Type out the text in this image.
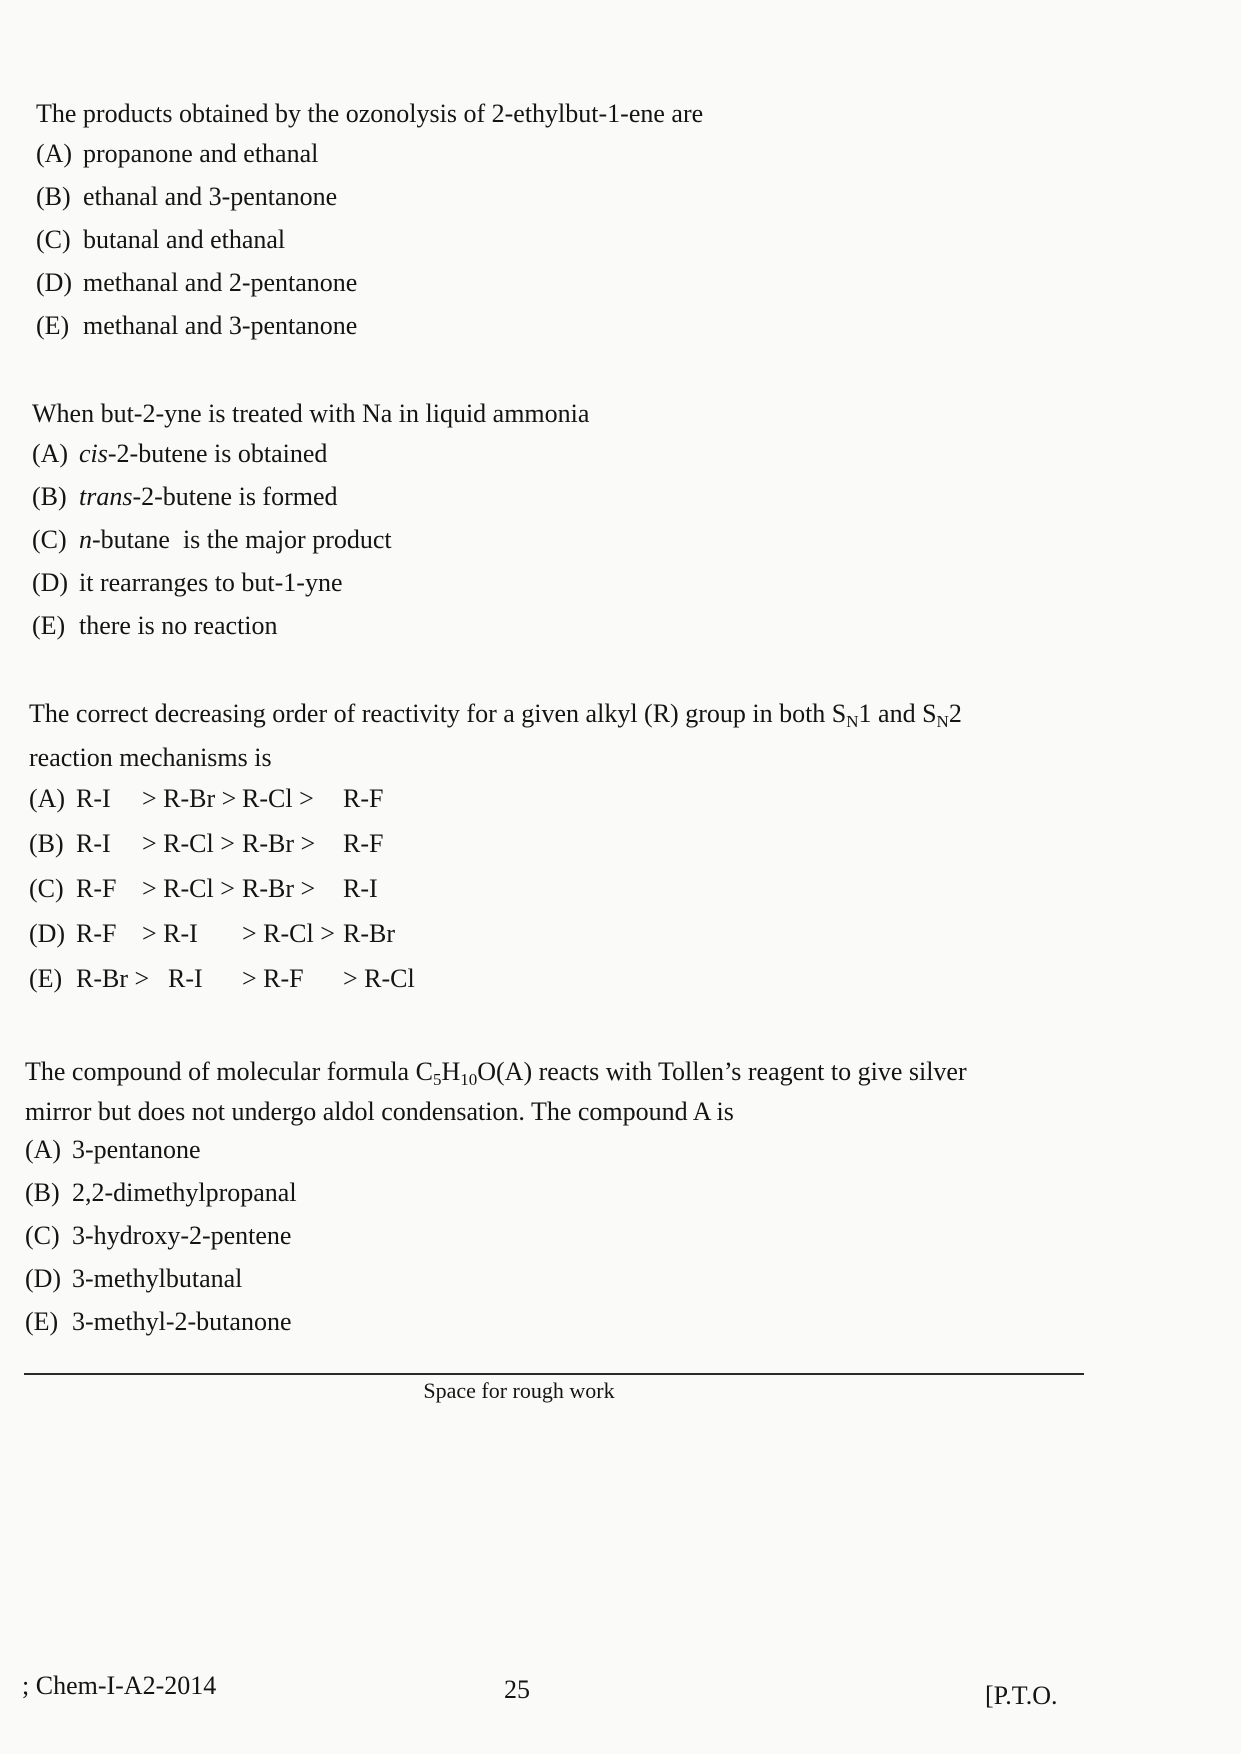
The products obtained by the ozonolysis of 2-ethylbut-1-ene are

(A) propanone and ethanal
(B) ethanal and 3-pentanone
(C) butanal and ethanal
(D) methanal and 2-pentanone
(E) methanal and 3-pentanone

When but-2-yne is treated with Na in liquid ammonia

(A) cis-2-butene is obtained
(B) trans-2-butene is formed
(C) n-butane  is the major product
(D) it rearranges to but-1-yne
(E) there is no reaction

The correct decreasing order of reactivity for a given alkyl (R) group in both $S_N1$ and $S_N2$

reaction mechanisms is

(A) R-I	> R-Br > R-Cl >	R-F
(B) R-I	> R-Cl > R-Br >	R-F
(C) R-F > R-Cl > R-Br >	R-I
(D) R-F > R-I	> R-Cl > R-Br
(E) R-Br > R-I	> R-F	> R-Cl

The compound of molecular formula $C_5H_{10}O(A)$ reacts with Tollen’s reagent to give silver

mirror but does not undergo aldol condensation. The compound A is

(A) 3-pentanone
(B) 2,2-dimethylpropanal
(C) 3-hydroxy-2-pentene
(D) 3-methylbutanal
(E) 3-methyl-2-butanone
Space for rough work
; Chem-I-A2-2014	25	[P.T.O.
